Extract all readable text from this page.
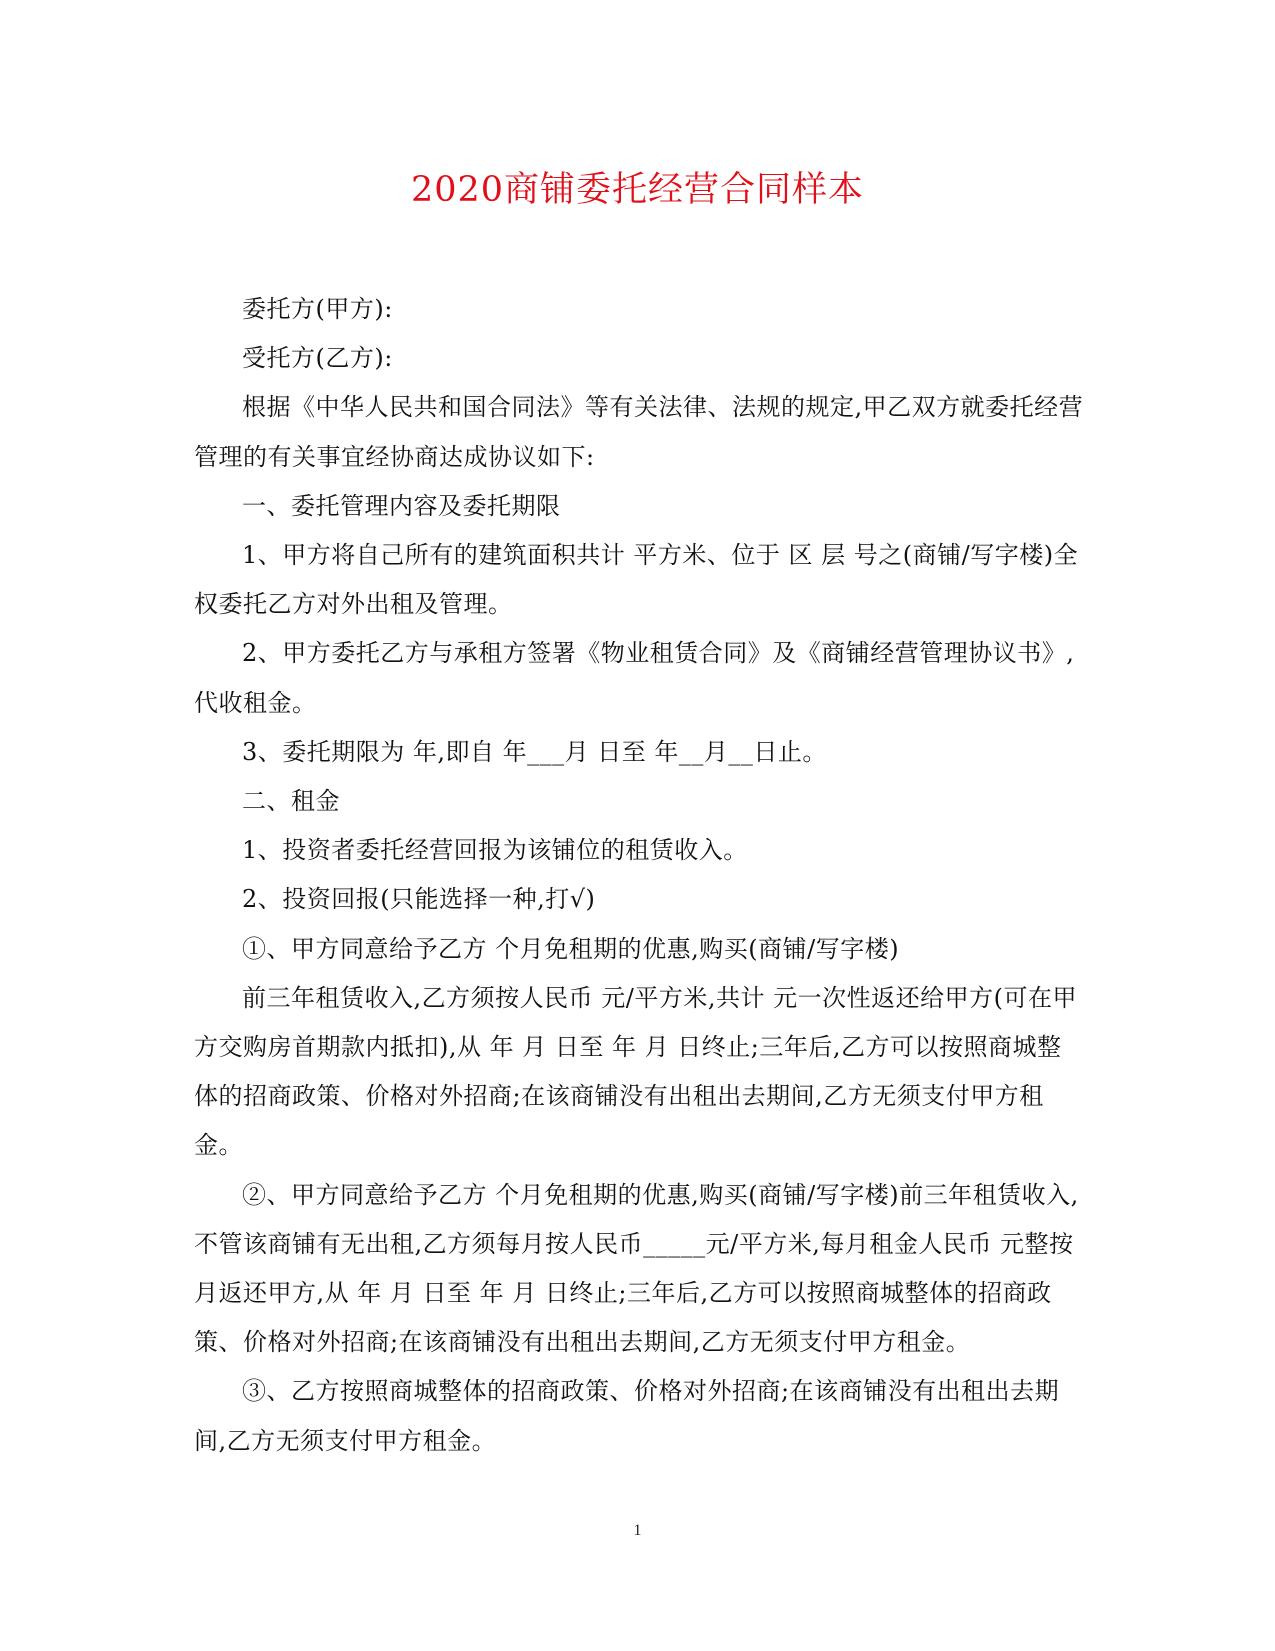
2020商铺委托经营合同样本

委托方(甲方):

受托方(乙方):

根据《中华人民共和国合同法》等有关法律、法规的规定,甲乙双方就委托经营管理的有关事宜经协商达成协议如下:

一、委托管理内容及委托期限

1、甲方将自己所有的建筑面积共计 平方米、位于 区 层 号之(商铺/写字楼)全权委托乙方对外出租及管理。

2、甲方委托乙方与承租方签署《物业租赁合同》及《商铺经营管理协议书》,代收租金。

3、委托期限为 年,即自 年___月 日至 年__月__日止。

二、租金

1、投资者委托经营回报为该铺位的租赁收入。

2、投资回报(只能选择一种,打√)

①、甲方同意给予乙方 个月免租期的优惠,购买(商铺/写字楼)

前三年租赁收入,乙方须按人民币 元/平方米,共计 元一次性返还给甲方(可在甲方交购房首期款内抵扣),从 年 月 日至 年 月 日终止;三年后,乙方可以按照商城整体的招商政策、价格对外招商;在该商铺没有出租出去期间,乙方无须支付甲方租金。

②、甲方同意给予乙方 个月免租期的优惠,购买(商铺/写字楼)前三年租赁收入,不管该商铺有无出租,乙方须每月按人民币_____元/平方米,每月租金人民币 元整按月返还甲方,从 年 月 日至 年 月 日终止;三年后,乙方可以按照商城整体的招商政策、价格对外招商;在该商铺没有出租出去期间,乙方无须支付甲方租金。

③、乙方按照商城整体的招商政策、价格对外招商;在该商铺没有出租出去期间,乙方无须支付甲方租金。

1
